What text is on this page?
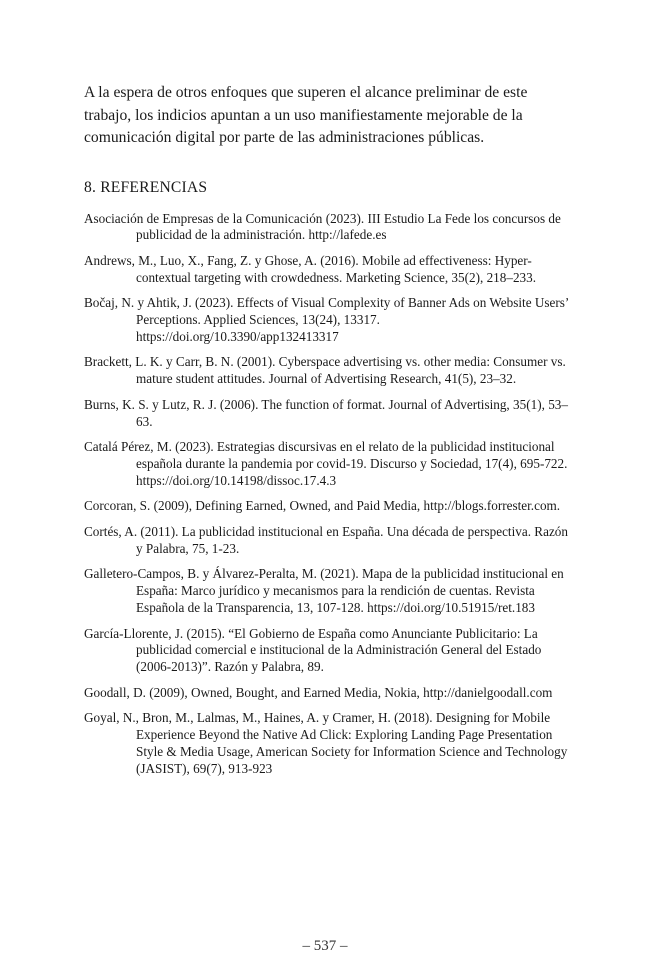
A la espera de otros enfoques que superen el alcance preliminar de este trabajo, los indicios apuntan a un uso manifiestamente mejorable de la comunicación digital por parte de las administraciones públicas.

8. REFERENCIAS
Asociación de Empresas de la Comunicación (2023). III Estudio La Fede los concursos de publicidad de la administración. http://lafede.es
Andrews, M., Luo, X., Fang, Z. y Ghose, A. (2016). Mobile ad effectiveness: Hyper-contextual targeting with crowdedness. Marketing Science, 35(2), 218–233.
Bočaj, N. y Ahtik, J. (2023). Effects of Visual Complexity of Banner Ads on Website Users’ Perceptions. Applied Sciences, 13(24), 13317. https://doi.org/10.3390/app132413317
Brackett, L. K. y Carr, B. N. (2001). Cyberspace advertising vs. other media: Consumer vs. mature student attitudes. Journal of Advertising Research, 41(5), 23–32.
Burns, K. S. y Lutz, R. J. (2006). The function of format. Journal of Advertising, 35(1), 53–63.
Catalá Pérez, M. (2023). Estrategias discursivas en el relato de la publicidad institucional española durante la pandemia por covid-19. Discurso y Sociedad, 17(4), 695-722. https://doi.org/10.14198/dissoc.17.4.3
Corcoran, S. (2009), Defining Earned, Owned, and Paid Media, http://blogs.forrester.com.
Cortés, A. (2011). La publicidad institucional en España. Una década de perspectiva. Razón y Palabra, 75, 1-23.
Galletero-Campos, B. y Álvarez-Peralta, M. (2021). Mapa de la publicidad institucional en España: Marco jurídico y mecanismos para la rendición de cuentas. Revista Española de la Transparencia, 13, 107-128. https://doi.org/10.51915/ret.183
García-Llorente, J. (2015). “El Gobierno de España como Anunciante Publicitario: La publicidad comercial e institucional de la Administración General del Estado (2006-2013)”. Razón y Palabra, 89.
Goodall, D. (2009), Owned, Bought, and Earned Media, Nokia, http://danielgoodall.com
Goyal, N., Bron, M., Lalmas, M., Haines, A. y Cramer, H. (2018). Designing for Mobile Experience Beyond the Native Ad Click: Exploring Landing Page Presentation Style & Media Usage, American Society for Information Science and Technology (JASIST), 69(7), 913-923
– 537 –
